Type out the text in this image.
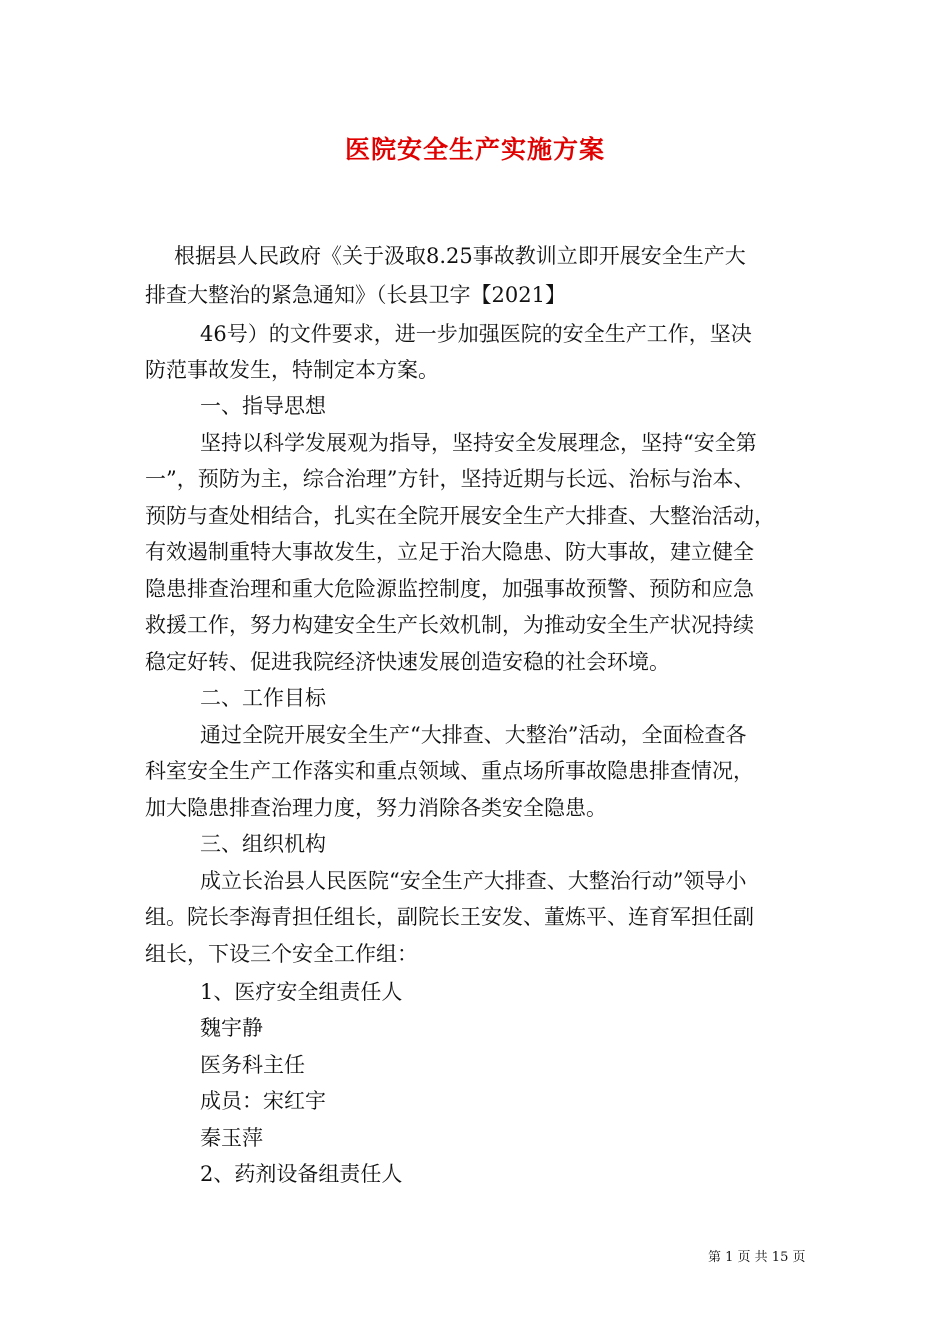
医院安全生产实施方案
根据县人民政府《关于汲取8.25事故教训立即开展安全生产大
排查大整治的紧急通知》（长县卫字【2021】
46号）的文件要求，进一步加强医院的安全生产工作，坚决
防范事故发生，特制定本方案。
一、指导思想
坚持以科学发展观为指导，坚持安全发展理念，坚持“安全第
一”，预防为主，综合治理”方针，坚持近期与长远、治标与治本、
预防与查处相结合，扎实在全院开展安全生产大排查、大整治活动，
有效遏制重特大事故发生，立足于治大隐患、防大事故，建立健全
隐患排查治理和重大危险源监控制度，加强事故预警、预防和应急
救援工作，努力构建安全生产长效机制，为推动安全生产状况持续
稳定好转、促进我院经济快速发展创造安稳的社会环境。
二、工作目标
通过全院开展安全生产“大排查、大整治”活动，全面检查各
科室安全生产工作落实和重点领域、重点场所事故隐患排查情况，
加大隐患排查治理力度，努力消除各类安全隐患。
三、组织机构
成立长治县人民医院“安全生产大排查、大整治行动”领导小
组。院长李海青担任组长，副院长王安发、董炼平、连育军担任副
组长，下设三个安全工作组：
1、医疗安全组责任人
魏宇静
医务科主任
成员：宋红宇
秦玉萍
2、药剂设备组责任人
第 1 页 共 15 页
